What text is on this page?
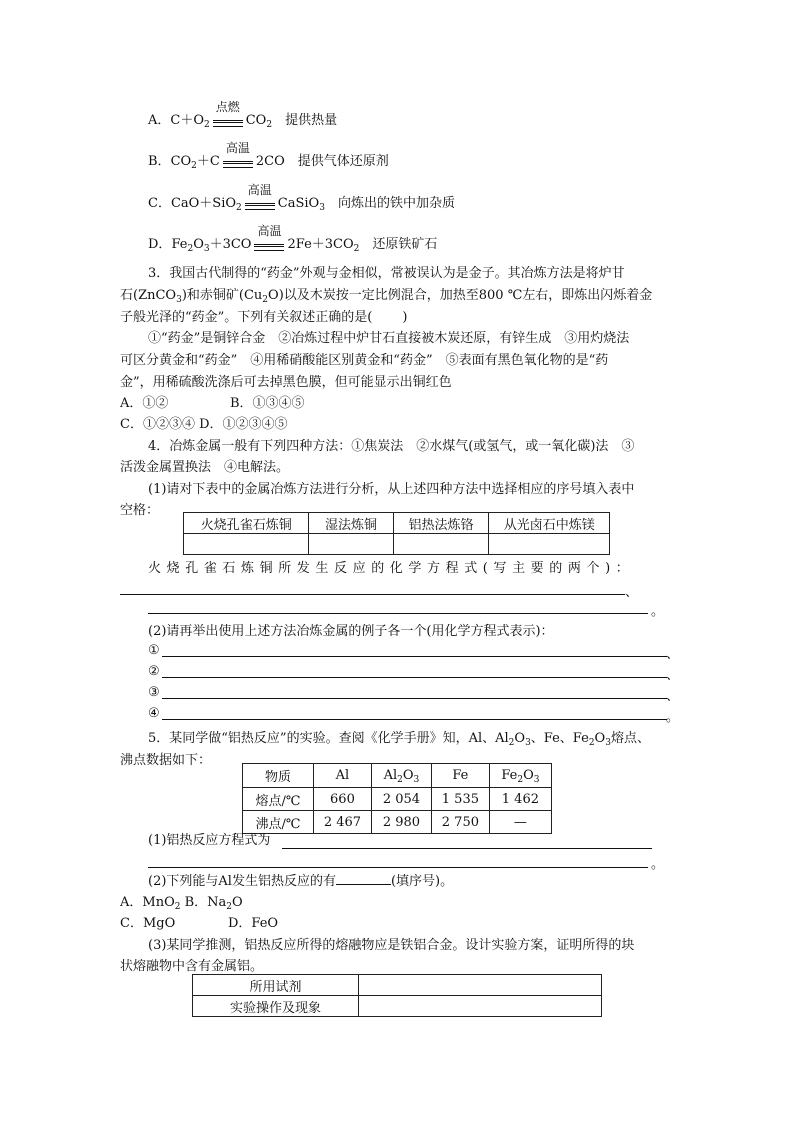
A．$C+O_2$
点燃
$CO_2$　 提供热量
B．$CO_2+C$
高温
2CO　 提供气体还原剂
C．CaO＋SiO$_2$
高温
CaSiO$_3$　 向炼出的铁中加杂质
D．$Fe_2O_3+3CO$
高温
$2Fe+3CO_2$　 还原铁矿石
3．我国古代制得的“药金”外观与金相似，常被误认为是金子。其冶炼方法是将炉甘
石(ZnCO$_3$)和赤铜矿$(Cu_2O)$以及木炭按一定比例混合，加热至800 ℃左右，即炼出闪烁着金
子般光泽的“药金”。下列有关叙述正确的是( )
①“药金”是铜锌合金　②冶炼过程中炉甘石直接被木炭还原，有锌生成　③用灼烧法
可区分黄金和“药金”　④用稀硝酸能区别黄金和“药金”　⑤表面有黑色氧化物的是“药
金”，用稀硫酸洗涤后可去掉黑色膜，但可能显示出铜红色
A．①②	B．①③④⑤
C．①②③④ D．①②③④⑤
4．冶炼金属一般有下列四种方法：①焦炭法　②水煤气(或氢气，或一氧化碳)法　③
活泼金属置换法　④电解法。
(1)请对下表中的金属冶炼方法进行分析，从上述四种方法中选择相应的序号填入表中
空格：
火烧孔雀石炼铜	湿法炼铜	铝热法炼铬	从光卤石中炼镁

火烧孔雀石炼铜所发生反应的化学方程式(写主要的两个)：
、
。
(2)请再举出使用上述方法冶炼金属的例子各一个(用化学方程式表示)：
①	、
②	、
③	、
④	。
5．某同学做“铝热反应”的实验。查阅《化学手册》知，Al、$Al_2O_3$、Fe、$Fe_2O_3$熔点、
沸点数据如下：
物质	Al	$Al_2O_3$	Fe	$Fe_2O_3$
熔点/℃	660	2 054	1 535	1 462
沸点/℃	2 467	2 980	2 750	—
(1)铝热反应方程式为
。
(2)下列能与Al发生铝热反应的有	(填序号)。
A．MnO$_2$ B．$Na_2O$
C．MgO	D．FeO
(3)某同学推测，铝热反应所得的熔融物应是铁铝合金。设计实验方案，证明所得的块
状熔融物中含有金属铝。
所用试剂	
实验操作及现象	
